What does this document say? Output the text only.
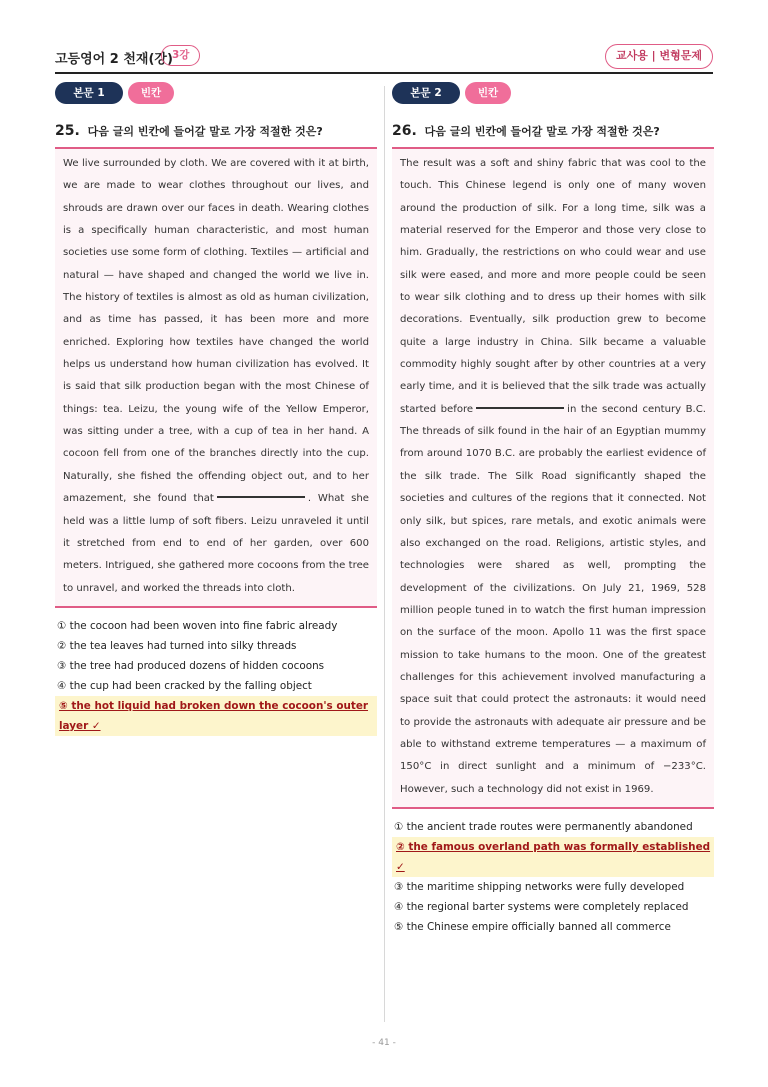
고등영어 2 천재(강) 3강	교사용 | 변형문제
본문 1	빈칸
25. 다음 글의 빈칸에 들어갈 말로 가장 적절한 것은?

We live surrounded by cloth. We are covered with it at birth, we are made to wear clothes throughout our lives, and shrouds are drawn over our faces in death. Wearing clothes is a specifically human characteristic, and most human societies use some form of clothing. Textiles — artificial and natural — have shaped and changed the world we live in. The history of textiles is almost as old as human civilization, and as time has passed, it has been more and more enriched. Exploring how textiles have changed the world helps us understand how human civilization has evolved. It is said that silk production began with the most Chinese of things: tea. Leizu, the young wife of the Yellow Emperor, was sitting under a tree, with a cup of tea in her hand. A cocoon fell from one of the branches directly into the cup. Naturally, she fished the offending object out, and to her amazement, she found that	. What she held was a little lump of soft fibers. Leizu unraveled it until it stretched from end to end of her garden, over 600 meters. Intrigued, she gathered more cocoons from the tree to unravel, and worked the threads into cloth.

① the cocoon had been woven into fine fabric already
② the tea leaves had turned into silky threads
③ the tree had produced dozens of hidden cocoons
④ the cup had been cracked by the falling object
⑤ the hot liquid had broken down the cocoon's outer layer ✓
본문 2	빈칸
26. 다음 글의 빈칸에 들어갈 말로 가장 적절한 것은?

The result was a soft and shiny fabric that was cool to the touch. This Chinese legend is only one of many woven around the production of silk. For a long time, silk was a material reserved for the Emperor and those very close to him. Gradually, the restrictions on who could wear and use silk were eased, and more and more people could be seen to wear silk clothing and to dress up their homes with silk decorations. Eventually, silk production grew to become quite a large industry in China. Silk became a valuable commodity highly sought after by other countries at a very early time, and it is believed that the silk trade was actually started before	in the second century B.C. The threads of silk found in the hair of an Egyptian mummy from around 1070 B.C. are probably the earliest evidence of the silk trade. The Silk Road significantly shaped the societies and cultures of the regions that it connected. Not only silk, but spices, rare metals, and exotic animals were also exchanged on the road. Religions, artistic styles, and technologies were shared as well, prompting the development of the civilizations. On July 21, 1969, 528 million people tuned in to watch the first human impression on the surface of the moon. Apollo 11 was the first space mission to take humans to the moon. One of the greatest challenges for this achievement involved manufacturing a space suit that could protect the astronauts: it would need to provide the astronauts with adequate air pressure and be able to withstand extreme temperatures — a maximum of 150°C in direct sunlight and a minimum of −233°C. However, such a technology did not exist in 1969.

① the ancient trade routes were permanently abandoned
② the famous overland path was formally established ✓
③ the maritime shipping networks were fully developed
④ the regional barter systems were completely replaced
⑤ the Chinese empire officially banned all commerce
- 41 -
